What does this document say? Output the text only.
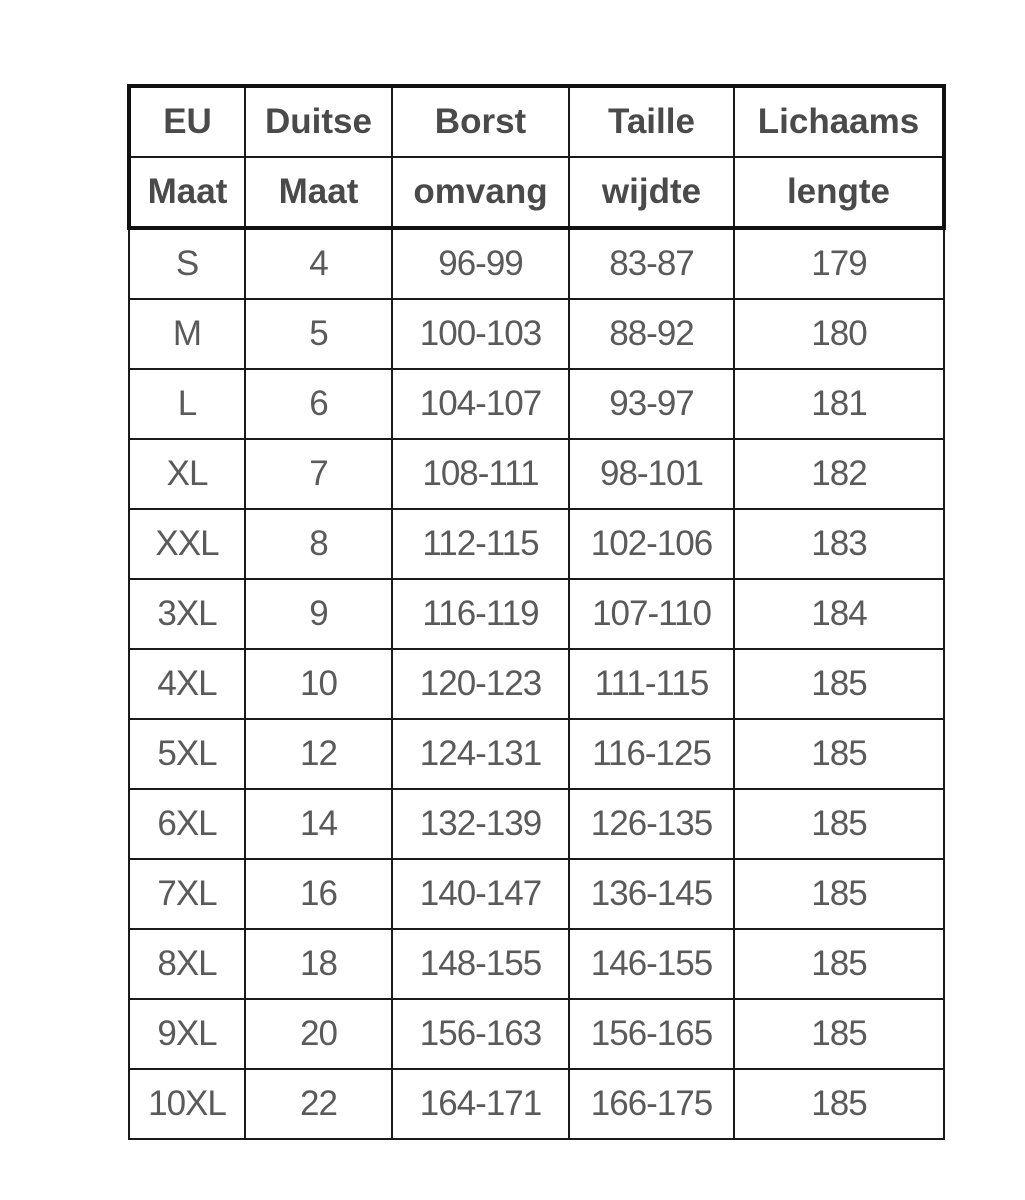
EU	Duitse	Borst	Taille	Lichaams
Maat	Maat	omvang	wijdte	lengte
S	4	96-99	83-87	179
M	5	100-103	88-92	180
L	6	104-107	93-97	181
XL	7	108-111	98-101	182
XXL	8	112-115	102-106	183
3XL	9	116-119	107-110	184
4XL	10	120-123	111-115	185
5XL	12	124-131	116-125	185
6XL	14	132-139	126-135	185
7XL	16	140-147	136-145	185
8XL	18	148-155	146-155	185
9XL	20	156-163	156-165	185
10XL	22	164-171	166-175	185
